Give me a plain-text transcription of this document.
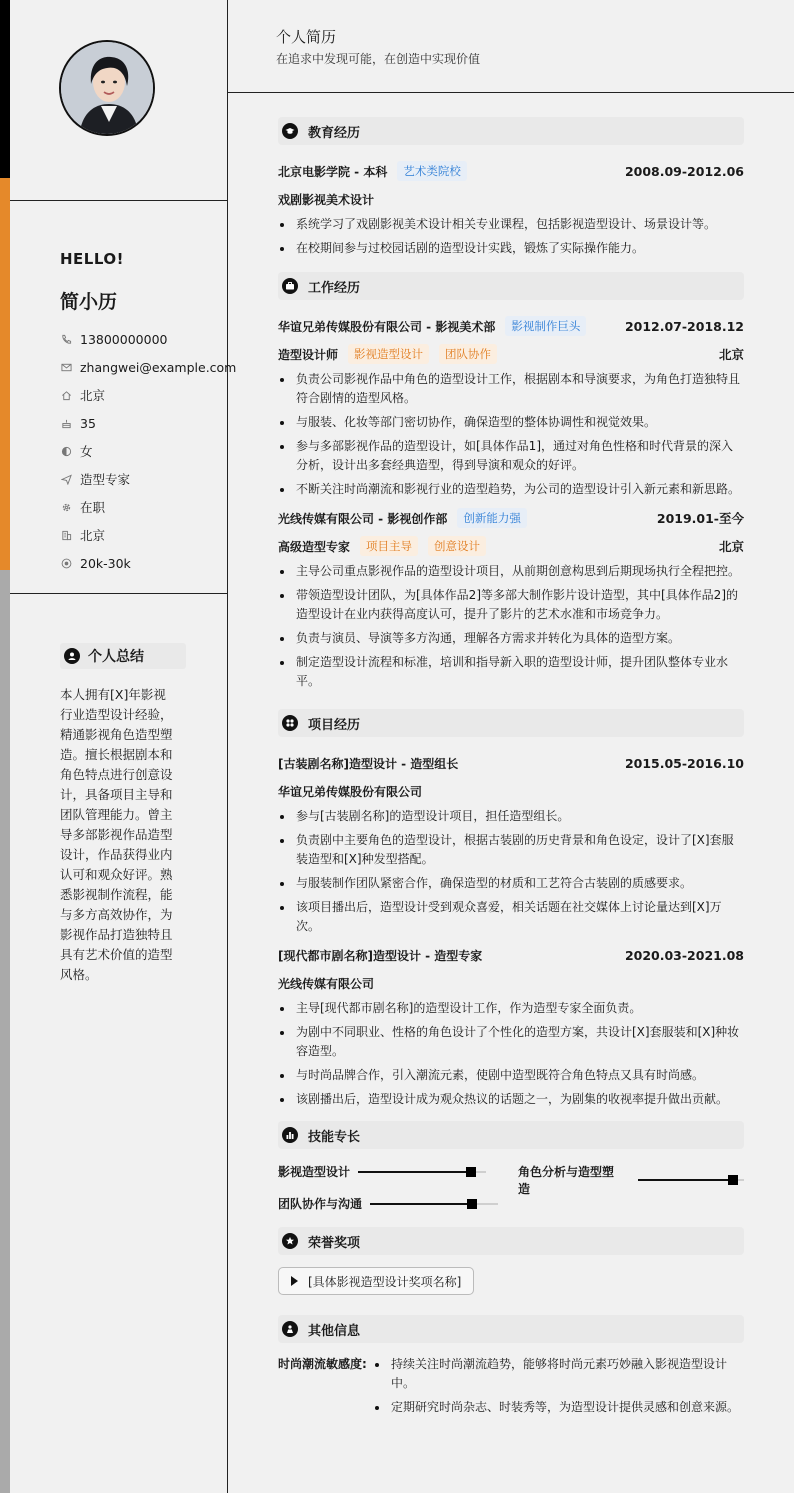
HELLO!
简小历
13800000000
zhangwei@example.com
北京
35
女
造型专家
在职
北京
20k-30k
个人总结
本人拥有[X]年影视行业造型设计经验，精通影视角色造型塑造。擅长根据剧本和角色特点进行创意设计，具备项目主导和团队管理能力。曾主导多部影视作品造型设计，作品获得业内认可和观众好评。熟悉影视制作流程，能与多方高效协作，为影视作品打造独特且具有艺术价值的造型风格。
个人简历
在追求中发现可能，在创造中实现价值
教育经历
北京电影学院 - 本科	艺术类院校	2008.09-2012.06
戏剧影视美术设计
系统学习了戏剧影视美术设计相关专业课程，包括影视造型设计、场景设计等。
在校期间参与过校园话剧的造型设计实践，锻炼了实际操作能力。
工作经历
华谊兄弟传媒股份有限公司 - 影视美术部	影视制作巨头	2012.07-2018.12
造型设计师	影视造型设计	团队协作	北京
负责公司影视作品中角色的造型设计工作，根据剧本和导演要求，为角色打造独特且符合剧情的造型风格。
与服装、化妆等部门密切协作，确保造型的整体协调性和视觉效果。
参与多部影视作品的造型设计，如[具体作品1]，通过对角色性格和时代背景的深入分析，设计出多套经典造型，得到导演和观众的好评。
不断关注时尚潮流和影视行业的造型趋势，为公司的造型设计引入新元素和新思路。
光线传媒有限公司 - 影视创作部	创新能力强	2019.01-至今
高级造型专家	项目主导	创意设计	北京
主导公司重点影视作品的造型设计项目，从前期创意构思到后期现场执行全程把控。
带领造型设计团队，为[具体作品2]等多部大制作影片设计造型，其中[具体作品2]的造型设计在业内获得高度认可，提升了影片的艺术水准和市场竞争力。
负责与演员、导演等多方沟通，理解各方需求并转化为具体的造型方案。
制定造型设计流程和标准，培训和指导新入职的造型设计师，提升团队整体专业水平。
项目经历
[古装剧名称]造型设计 - 造型组长	2015.05-2016.10
华谊兄弟传媒股份有限公司
参与[古装剧名称]的造型设计项目，担任造型组长。
负责剧中主要角色的造型设计，根据古装剧的历史背景和角色设定，设计了[X]套服装造型和[X]种发型搭配。
与服装制作团队紧密合作，确保造型的材质和工艺符合古装剧的质感要求。
该项目播出后，造型设计受到观众喜爱，相关话题在社交媒体上讨论量达到[X]万次。
[现代都市剧名称]造型设计 - 造型专家	2020.03-2021.08
光线传媒有限公司
主导[现代都市剧名称]的造型设计工作，作为造型专家全面负责。
为剧中不同职业、性格的角色设计了个性化的造型方案，共设计[X]套服装和[X]种妆容造型。
与时尚品牌合作，引入潮流元素，使剧中造型既符合角色特点又具有时尚感。
该剧播出后，造型设计成为观众热议的话题之一，为剧集的收视率提升做出贡献。
技能专长
影视造型设计	角色分析与造型塑造
团队协作与沟通
荣誉奖项
[具体影视造型设计奖项名称]
其他信息
时尚潮流敏感度:	持续关注时尚潮流趋势，能够将时尚元素巧妙融入影视造型设计中。
定期研究时尚杂志、时装秀等，为造型设计提供灵感和创意来源。
